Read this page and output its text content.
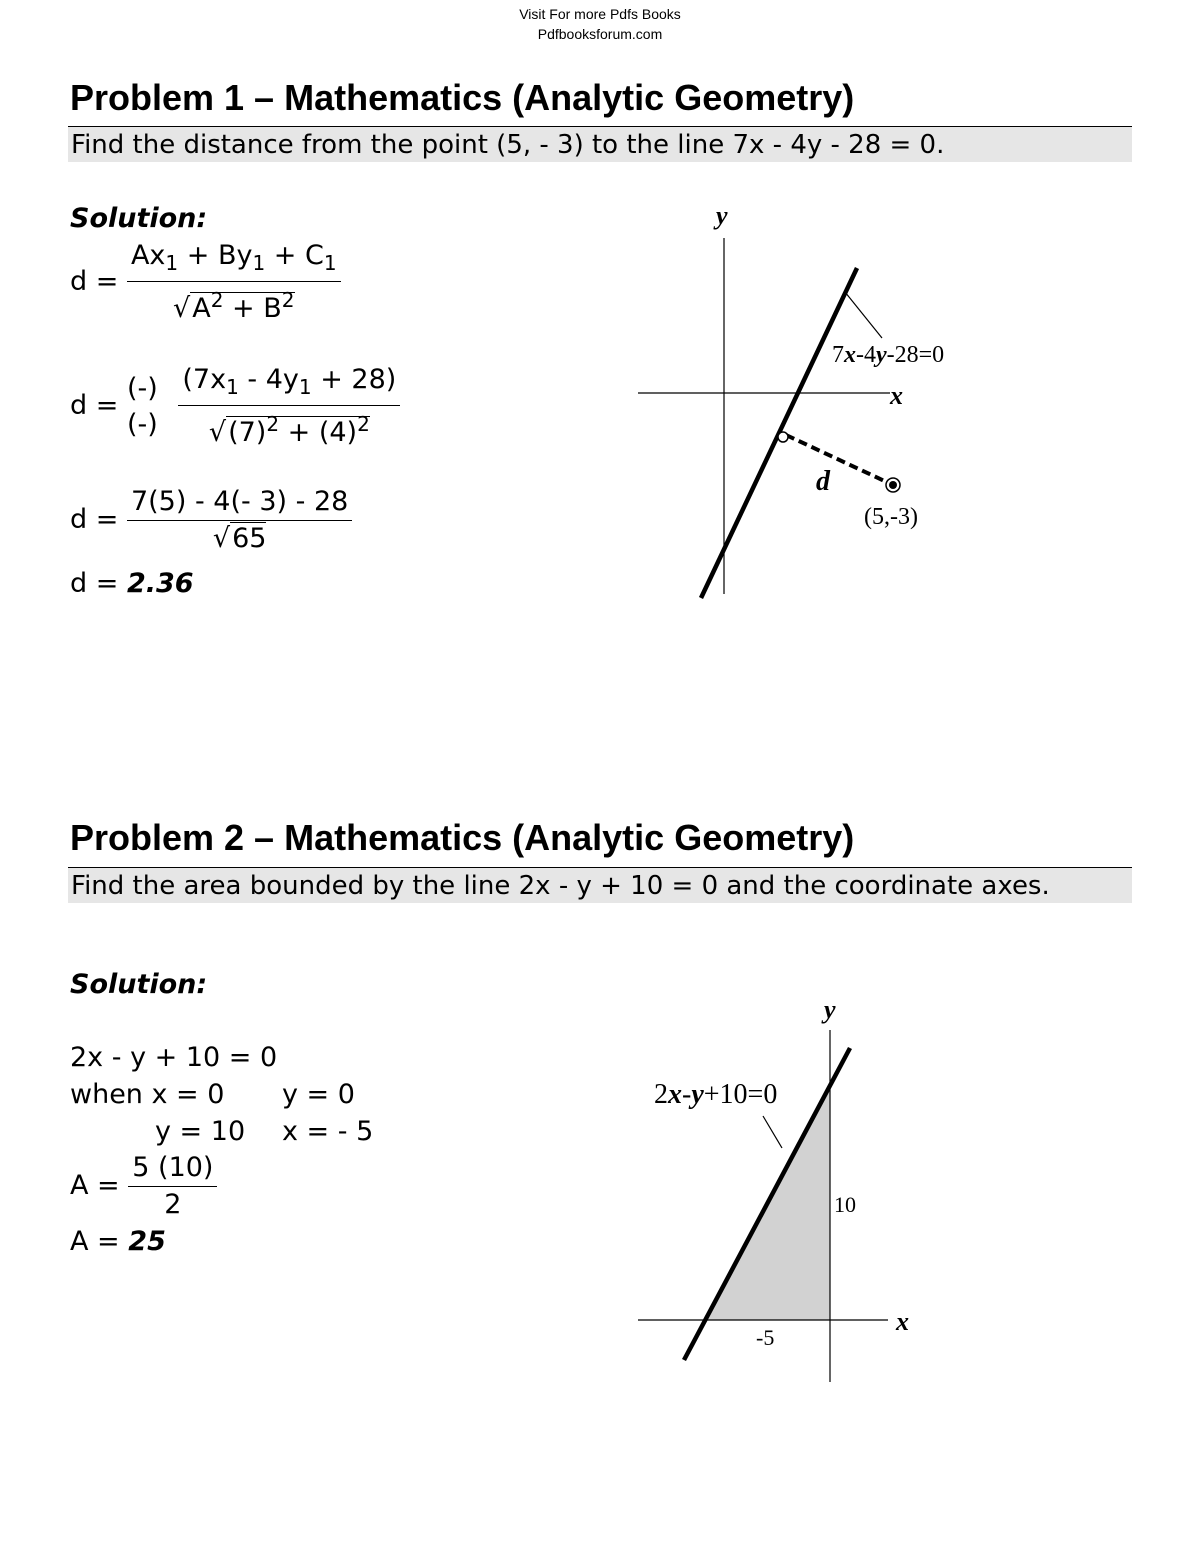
Visit For more Pdfs Books
Pdfbooksforum.com
Problem 1 – Mathematics (Analytic Geometry)
Find the distance from the point (5, - 3) to the line 7x - 4y - 28 = 0.
Solution:
$d = \frac{Ax_1 + By_1 + C_1}{√A^2 + B^2}$
d =
(-)
(-)
$\frac{(7x_1 - 4y_1 + 28)}{√(7)^2 + (4)^2}$
$d = \frac{7(5) - 4(- 3) - 28}{√65}$
d = 2.36
y
x
7x-4y-28=0
d
(5,-3)
Problem 2 – Mathematics (Analytic Geometry)
Find the area bounded by the line 2x - y + 10 = 0 and the coordinate axes.
Solution:
2x - y + 10 = 0
when x = 0 y = 0
y = 10 x = - 5
$A = \frac{5 (10)}{2}$
A = 25
y
x
2x-y+10=0
10
-5
